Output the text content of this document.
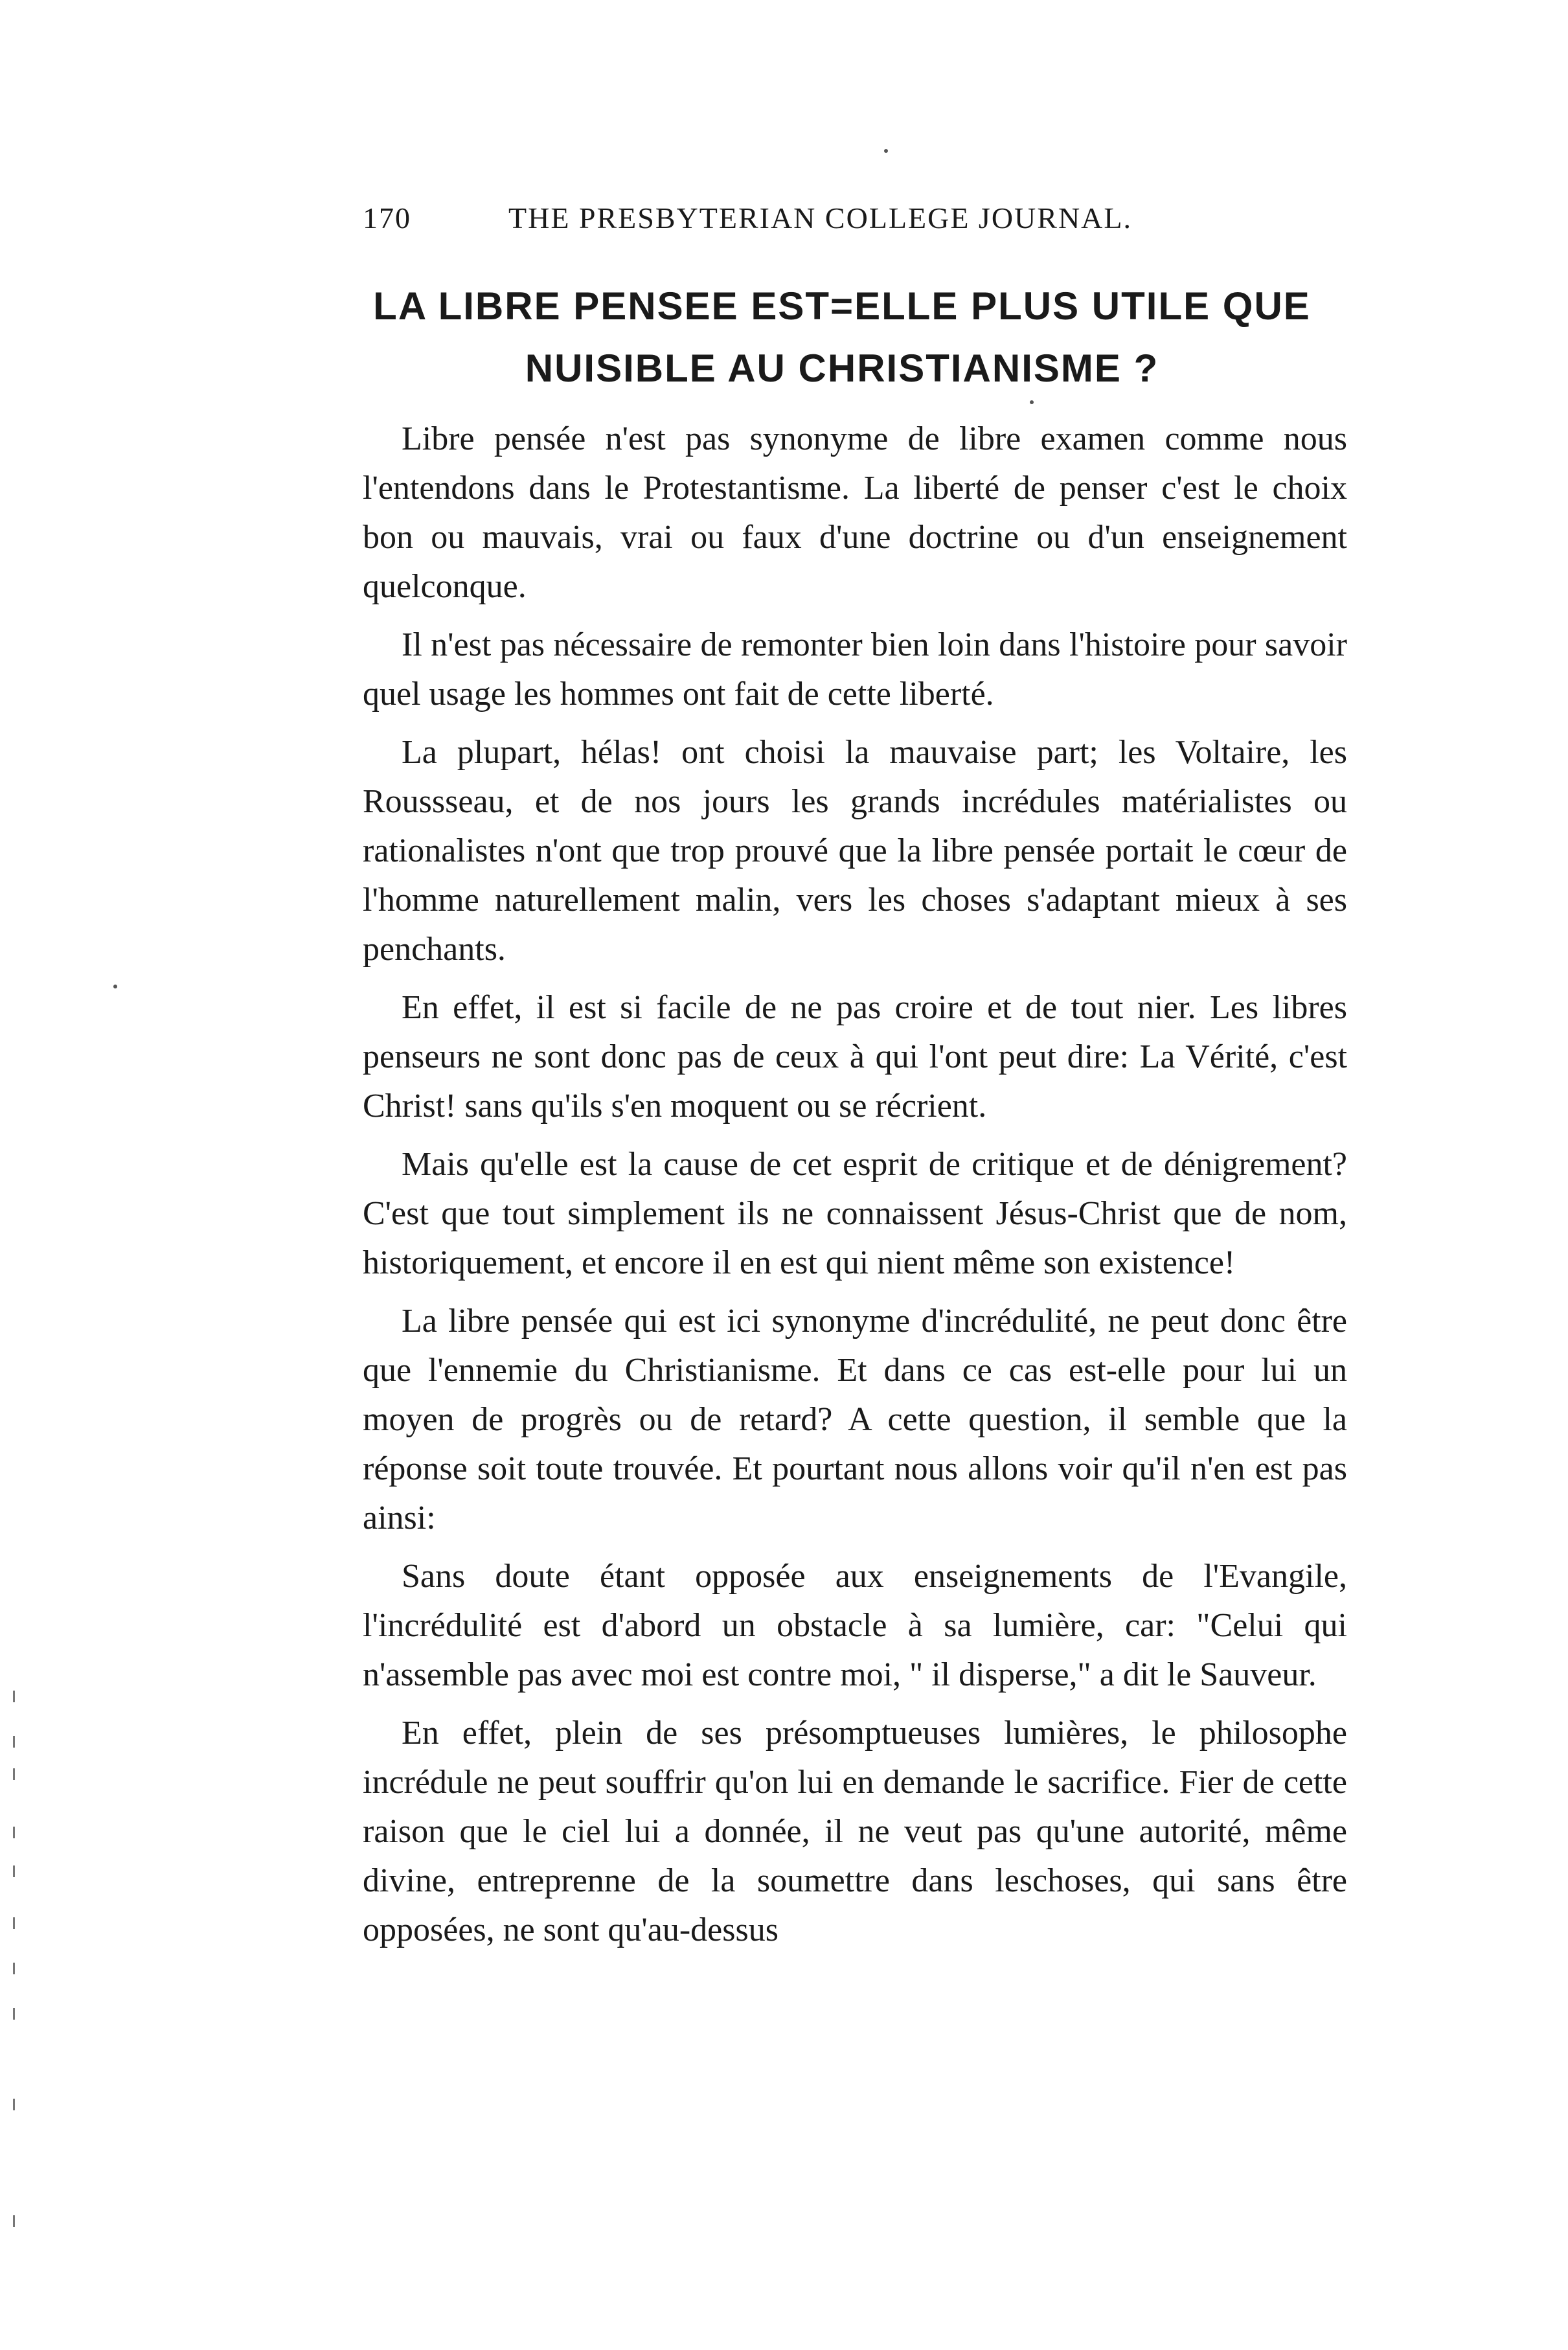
170	THE PRESBYTERIAN COLLEGE JOURNAL.
LA LIBRE PENSEE EST=ELLE PLUS UTILE QUE
NUISIBLE AU CHRISTIANISME ?

Libre pensée n'est pas synonyme de libre examen comme nous l'entendons dans le Protestantisme. La liberté de penser c'est le choix bon ou mauvais, vrai ou faux d'une doctrine ou d'un enseignement quelconque.

Il n'est pas nécessaire de remonter bien loin dans l'histoire pour savoir quel usage les hommes ont fait de cette liberté.

La plupart, hélas! ont choisi la mauvaise part; les Voltaire, les Roussseau, et de nos jours les grands incrédules matérialistes ou rationalistes n'ont que trop prouvé que la libre pensée portait le cœur de l'homme naturellement malin, vers les choses s'adaptant mieux à ses penchants.

En effet, il est si facile de ne pas croire et de tout nier. Les libres penseurs ne sont donc pas de ceux à qui l'ont peut dire: La Vérité, c'est Christ! sans qu'ils s'en moquent ou se récrient.

Mais qu'elle est la cause de cet esprit de critique et de dénigrement? C'est que tout simplement ils ne connaissent Jésus-Christ que de nom, historiquement, et encore il en est qui nient même son existence!

La libre pensée qui est ici synonyme d'incrédulité, ne peut donc être que l'ennemie du Christianisme. Et dans ce cas est-elle pour lui un moyen de progrès ou de retard? A cette question, il semble que la réponse soit toute trouvée. Et pourtant nous allons voir qu'il n'en est pas ainsi:

Sans doute étant opposée aux enseignements de l'Evangile, l'incrédulité est d'abord un obstacle à sa lumière, car: "Celui qui n'assemble pas avec moi est contre moi, " il disperse," a dit le Sauveur.

En effet, plein de ses présomptueuses lumières, le philosophe incrédule ne peut souffrir qu'on lui en demande le sacrifice. Fier de cette raison que le ciel lui a donnée, il ne veut pas qu'une autorité, même divine, entreprenne de la soumettre dans leschoses, qui sans être opposées, ne sont qu'au-dessus
